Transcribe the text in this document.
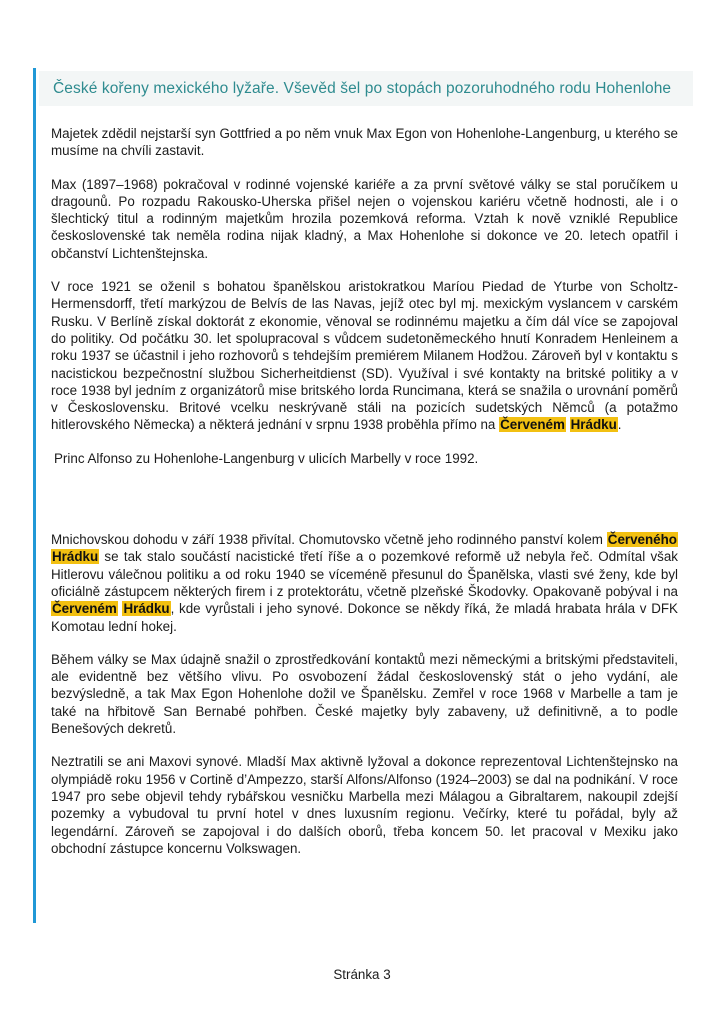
České kořeny mexického lyžaře. Vševěd šel po stopách pozoruhodného rodu Hohenlohe

Majetek zdědil nejstarší syn Gottfried a po něm vnuk Max Egon von Hohenlohe-Langenburg, u kterého se musíme na chvíli zastavit.

Max (1897–1968) pokračoval v rodinné vojenské kariéře a za první světové války se stal poručíkem u dragounů. Po rozpadu Rakousko-Uherska přišel nejen o vojenskou kariéru včetně hodnosti, ale i o šlechtický titul a rodinným majetkům hrozila pozemková reforma. Vztah k nově vzniklé Republice československé tak neměla rodina nijak kladný, a Max Hohenlohe si dokonce ve 20. letech opatřil i občanství Lichtenštejnska.

V roce 1921 se oženil s bohatou španělskou aristokratkou Maríou Piedad de Yturbe von Scholtz-Hermensdorff, třetí markýzou de Belvís de las Navas, jejíž otec byl mj. mexickým vyslancem v carském Rusku. V Berlíně získal doktorát z ekonomie, věnoval se rodinnému majetku a čím dál více se zapojoval do politiky. Od počátku 30. let spolupracoval s vůdcem sudetoněmeckého hnutí Konradem Henleinem a roku 1937 se účastnil i jeho rozhovorů s tehdejším premiérem Milanem Hodžou. Zároveň byl v kontaktu s nacistickou bezpečnostní službou Sicherheitdienst (SD). Využíval i své kontakty na britské politiky a v roce 1938 byl jedním z organizátorů mise britského lorda Runcimana, která se snažila o urovnání poměrů v Československu. Britové vcelku neskrývaně stáli na pozicích sudetských Němců (a potažmo hitlerovského Německa) a některá jednání v srpnu 1938 proběhla přímo na Červeném Hrádku.

Princ Alfonso zu Hohenlohe-Langenburg v ulicích Marbelly v roce 1992.

Mnichovskou dohodu v září 1938 přivítal. Chomutovsko včetně jeho rodinného panství kolem Červeného Hrádku se tak stalo součástí nacistické třetí říše a o pozemkové reformě už nebyla řeč. Odmítal však Hitlerovu válečnou politiku a od roku 1940 se víceméně přesunul do Španělska, vlasti své ženy, kde byl oficiálně zástupcem některých firem i z protektorátu, včetně plzeňské Škodovky. Opakovaně pobýval i na Červeném Hrádku, kde vyrůstali i jeho synové. Dokonce se někdy říká, že mladá hrabata hrála v DFK Komotau lední hokej.

Během války se Max údajně snažil o zprostředkování kontaktů mezi německými a britskými představiteli, ale evidentně bez většího vlivu. Po osvobození žádal československý stát o jeho vydání, ale bezvýsledně, a tak Max Egon Hohenlohe dožil ve Španělsku. Zemřel v roce 1968 v Marbelle a tam je také na hřbitově San Bernabé pohřben. České majetky byly zabaveny, už definitivně, a to podle Benešových dekretů.

Neztratili se ani Maxovi synové. Mladší Max aktivně lyžoval a dokonce reprezentoval Lichtenštejnsko na olympiádě roku 1956 v Cortině d’Ampezzo, starší Alfons/Alfonso (1924–2003) se dal na podnikání. V roce 1947 pro sebe objevil tehdy rybářskou vesničku Marbella mezi Málagou a Gibraltarem, nakoupil zdejší pozemky a vybudoval tu první hotel v dnes luxusním regionu. Večírky, které tu pořádal, byly až legendární. Zároveň se zapojoval i do dalších oborů, třeba koncem 50. let pracoval v Mexiku jako obchodní zástupce koncernu Volkswagen.

Stránka 3
